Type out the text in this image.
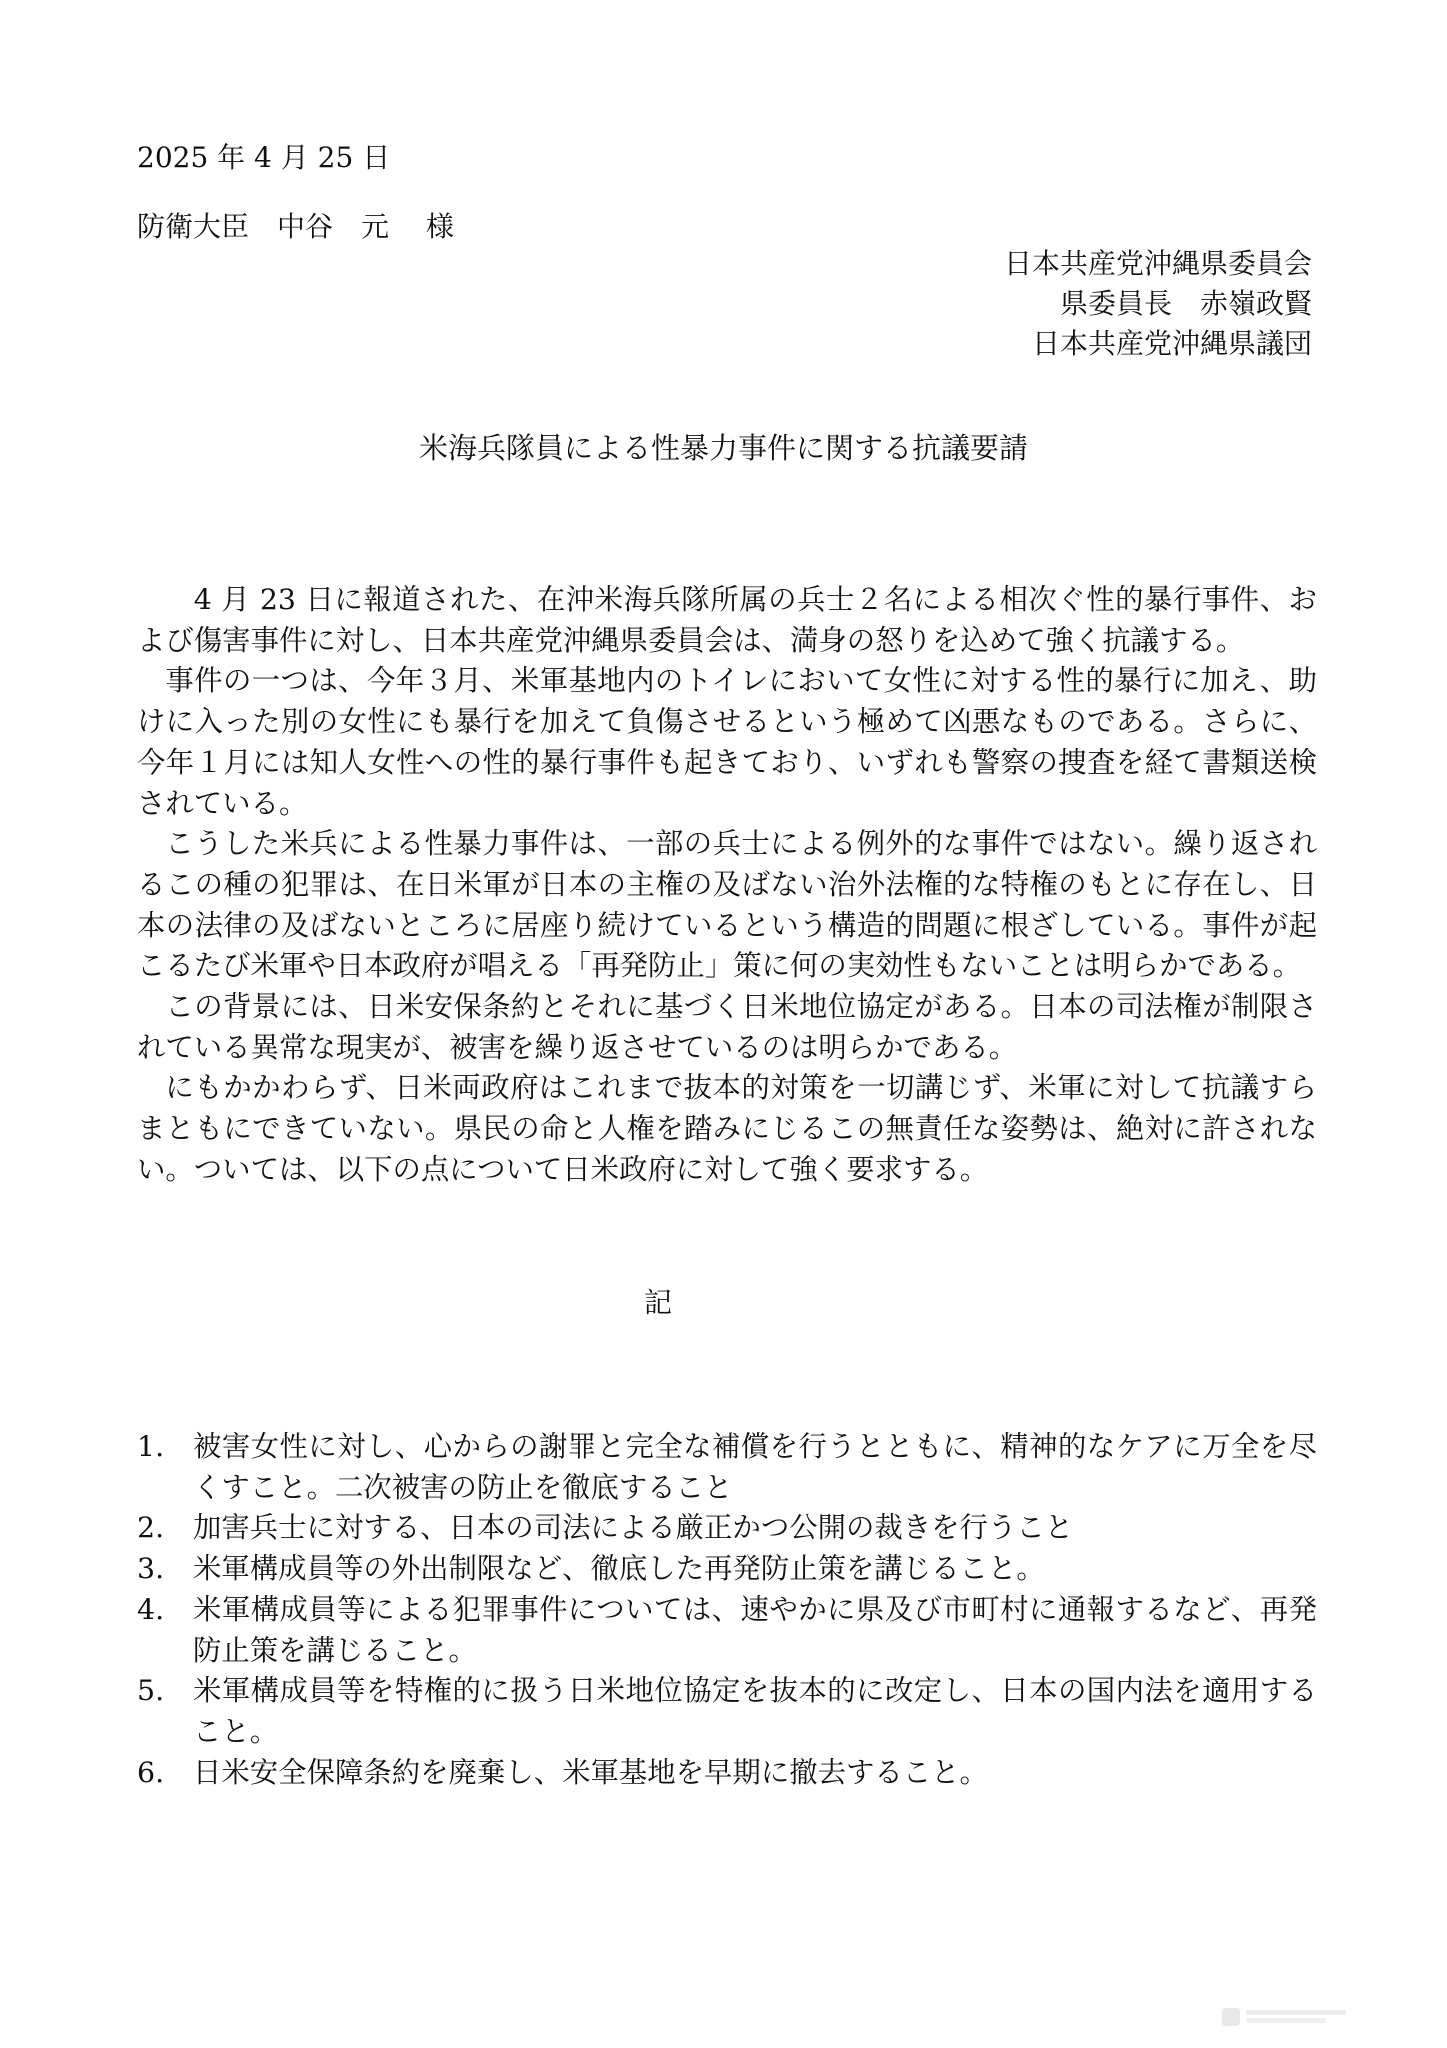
2025 年 4 月 25 日
防衛大臣　中谷　元　 様
日本共産党沖縄県委員会
県委員長　赤嶺政賢
日本共産党沖縄県議団
米海兵隊員による性暴力事件に関する抗議要請

4 月 23 日に報道された、在沖米海兵隊所属の兵士２名による相次ぐ性的暴行事件、および傷害事件に対し、日本共産党沖縄県委員会は、満身の怒りを込めて強く抗議する。

事件の一つは、今年３月、米軍基地内のトイレにおいて女性に対する性的暴行に加え、助けに入った別の女性にも暴行を加えて負傷させるという極めて凶悪なものである。さらに、今年１月には知人女性への性的暴行事件も起きており、いずれも警察の捜査を経て書類送検されている。

こうした米兵による性暴力事件は、一部の兵士による例外的な事件ではない。繰り返されるこの種の犯罪は、在日米軍が日本の主権の及ばない治外法権的な特権のもとに存在し、日本の法律の及ばないところに居座り続けているという構造的問題に根ざしている。事件が起こるたび米軍や日本政府が唱える「再発防止」策に何の実効性もないことは明らかである。

この背景には、日米安保条約とそれに基づく日米地位協定がある。日本の司法権が制限されている異常な現実が、被害を繰り返させているのは明らかである。

にもかかわらず、日米両政府はこれまで抜本的対策を一切講じず、米軍に対して抗議すらまともにできていない。県民の命と人権を踏みにじるこの無責任な姿勢は、絶対に許されない。ついては、以下の点について日米政府に対して強く要求する。

記
1.	被害女性に対し、心からの謝罪と完全な補償を行うとともに、精神的なケアに万全を尽くすこと。二次被害の防止を徹底すること
2.	加害兵士に対する、日本の司法による厳正かつ公開の裁きを行うこと
3.	米軍構成員等の外出制限など、徹底した再発防止策を講じること。
4.	米軍構成員等による犯罪事件については、速やかに県及び市町村に通報するなど、再発防止策を講じること。
5.	米軍構成員等を特権的に扱う日米地位協定を抜本的に改定し、日本の国内法を適用すること。
6.	日米安全保障条約を廃棄し、米軍基地を早期に撤去すること。
